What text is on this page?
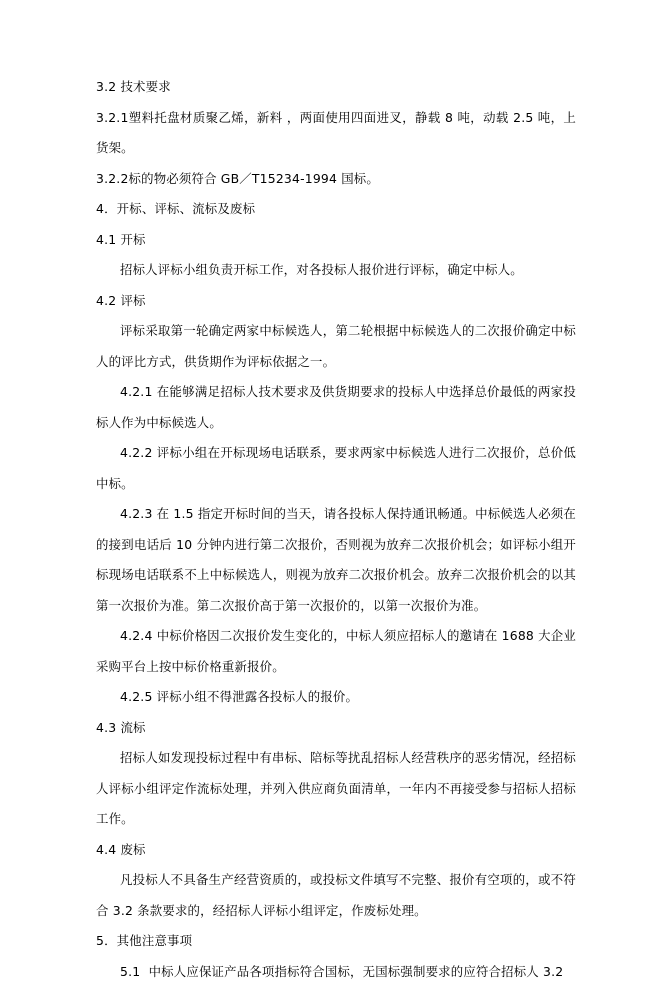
3.2 技术要求

3.2.1塑料托盘材质聚乙烯，新料 ，两面使用四面进叉，静载 8 吨，动载 2.5 吨，上货架。

3.2.2标的物必须符合 GB／T15234-1994 国标。

4．开标、评标、流标及废标

4.1 开标

招标人评标小组负责开标工作，对各投标人报价进行评标，确定中标人。

4.2 评标

评标采取第一轮确定两家中标候选人，第二轮根据中标候选人的二次报价确定中标人的评比方式，供货期作为评标依据之一。

4.2.1 在能够满足招标人技术要求及供货期要求的投标人中选择总价最低的两家投标人作为中标候选人。

4.2.2 评标小组在开标现场电话联系，要求两家中标候选人进行二次报价，总价低中标。

4.2.3 在 1.5 指定开标时间的当天，请各投标人保持通讯畅通。中标候选人必须在的接到电话后 10 分钟内进行第二次报价，否则视为放弃二次报价机会；如评标小组开标现场电话联系不上中标候选人，则视为放弃二次报价机会。放弃二次报价机会的以其第一次报价为准。第二次报价高于第一次报价的，以第一次报价为准。

4.2.4 中标价格因二次报价发生变化的，中标人须应招标人的邀请在 1688 大企业采购平台上按中标价格重新报价。

4.2.5 评标小组不得泄露各投标人的报价。

4.3 流标

招标人如发现投标过程中有串标、陪标等扰乱招标人经营秩序的恶劣情况，经招标人评标小组评定作流标处理，并列入供应商负面清单，一年内不再接受参与招标人招标工作。

4.4 废标

凡投标人不具备生产经营资质的，或投标文件填写不完整、报价有空项的，或不符合 3.2 条款要求的，经招标人评标小组评定，作废标处理。

5．其他注意事项

5.1  中标人应保证产品各项指标符合国标，无国标强制要求的应符合招标人 3.2
